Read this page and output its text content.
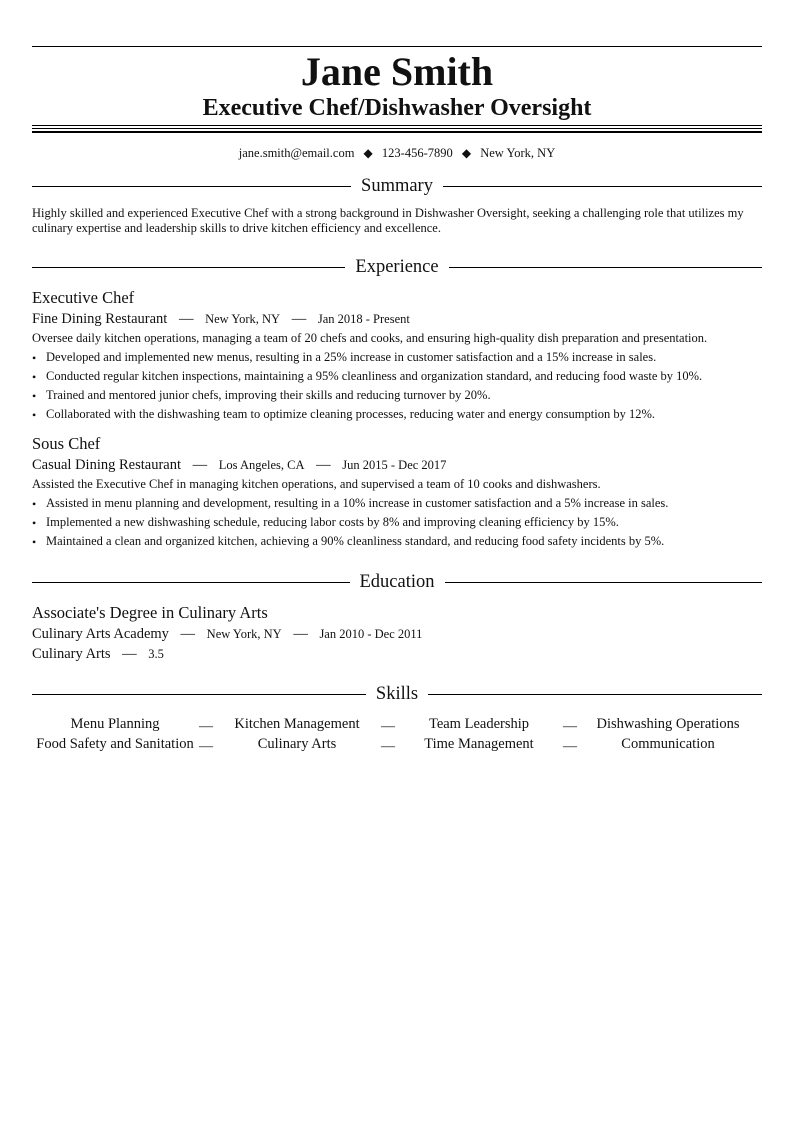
Jane Smith
Executive Chef/Dishwasher Oversight
jane.smith@email.com ◆ 123-456-7890 ◆ New York, NY
Summary
Highly skilled and experienced Executive Chef with a strong background in Dishwasher Oversight, seeking a challenging role that utilizes my culinary expertise and leadership skills to drive kitchen efficiency and excellence.
Experience
Executive Chef
Fine Dining Restaurant — New York, NY — Jan 2018 - Present
Oversee daily kitchen operations, managing a team of 20 chefs and cooks, and ensuring high-quality dish preparation and presentation.
• Developed and implemented new menus, resulting in a 25% increase in customer satisfaction and a 15% increase in sales.
• Conducted regular kitchen inspections, maintaining a 95% cleanliness and organization standard, and reducing food waste by 10%.
• Trained and mentored junior chefs, improving their skills and reducing turnover by 20%.
• Collaborated with the dishwashing team to optimize cleaning processes, reducing water and energy consumption by 12%.
Sous Chef
Casual Dining Restaurant — Los Angeles, CA — Jun 2015 - Dec 2017
Assisted the Executive Chef in managing kitchen operations, and supervised a team of 10 cooks and dishwashers.
• Assisted in menu planning and development, resulting in a 10% increase in customer satisfaction and a 5% increase in sales.
• Implemented a new dishwashing schedule, reducing labor costs by 8% and improving cleaning efficiency by 15%.
• Maintained a clean and organized kitchen, achieving a 90% cleanliness standard, and reducing food safety incidents by 5%.
Education
Associate's Degree in Culinary Arts
Culinary Arts Academy — New York, NY — Jan 2010 - Dec 2011
Culinary Arts — 3.5
Skills
Menu Planning	—	Kitchen Management	—	Team Leadership	—	Dishwashing Operations
Food Safety and Sanitation —	Culinary Arts	—	Time Management	—	Communication
